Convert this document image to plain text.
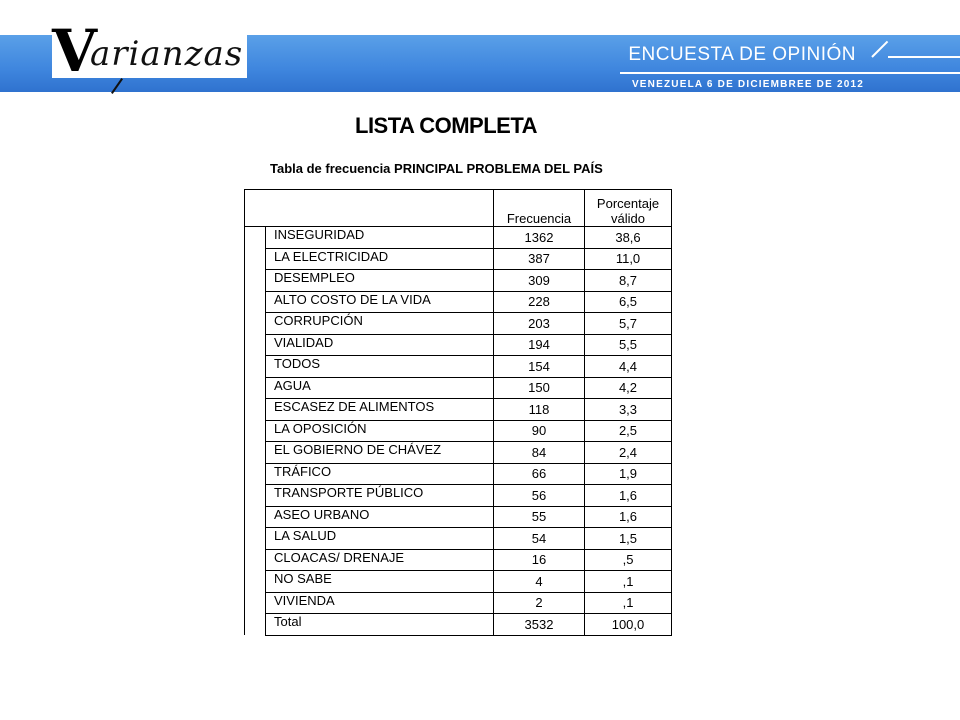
V
arianzas	ENCUESTA DE OPINIÓN
VENEZUELA 6 DE DICIEMBREE DE 2012
LISTA COMPLETA
Tabla de frecuencia PRINCIPAL PROBLEMA DEL PAÍS
		Frecuencia	Porcentaje
válido
	INSEGURIDAD	1362	38,6
	LA ELECTRICIDAD	387	11,0
	DESEMPLEO	309	8,7
	ALTO COSTO DE LA VIDA	228	6,5
	CORRUPCIÓN	203	5,7
	VIALIDAD	194	5,5
	TODOS	154	4,4
	AGUA	150	4,2
	ESCASEZ DE ALIMENTOS	118	3,3
	LA OPOSICIÓN	90	2,5
	EL GOBIERNO DE CHÁVEZ	84	2,4
	TRÁFICO	66	1,9
	TRANSPORTE PÚBLICO	56	1,6
	ASEO URBANO	55	1,6
	LA SALUD	54	1,5
	CLOACAS/ DRENAJE	16	,5
	NO SABE	4	,1
	VIVIENDA	2	,1
	Total	3532	100,0
